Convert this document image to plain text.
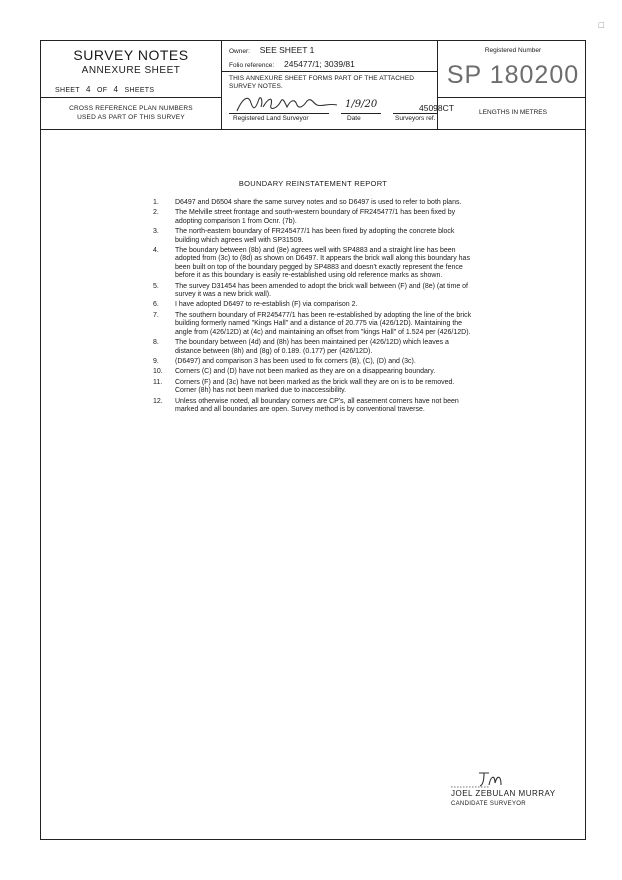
□
SURVEY NOTES
ANNEXURE SHEET
SHEET 4 OF 4 SHEETS
CROSS REFERENCE PLAN NUMBERS
USED AS PART OF THIS SURVEY
Owner: SEE SHEET 1
Folio reference: 245477/1; 3039/81
THIS ANNEXURE SHEET FORMS PART OF THE ATTACHED
SURVEY NOTES.
Registered Land Surveyor
1/9/20
Date
45098CT
Surveyors ref.
Registered Number
SP 180200
LENGTHS IN METRES
BOUNDARY REINSTATEMENT REPORT
1.	D6497 and D6504 share the same survey notes and so D6497 is used to refer to both plans.
2.	The Melville street frontage and south-western boundary of FR245477/1 has been fixed by adopting comparison 1 from Ocnr. (7b).
3.	The north-eastern boundary of FR245477/1 has been fixed by adopting the concrete block building which agrees well with SP31509.
4.	The boundary between (8b) and (8e) agrees well with SP4883 and a straight line has been adopted from (3c) to (8d) as shown on D6497. It appears the brick wall along this boundary has been built on top of the boundary pegged by SP4883 and doesn't exactly represent the fence before it as this boundary is easily re-established using old reference marks as shown.
5.	The survey D31454 has been amended to adopt the brick wall between (F) and (8e) (at time of survey it was a new brick wall).
6.	I have adopted D6497 to re-establish (F) via comparison 2.
7.	The southern boundary of FR245477/1 has been re-established by adopting the line of the brick building formerly named "Kings Hall" and a distance of 20.775 via (426/12D). Maintaining the angle from (426/12D) at (4c) and maintaining an offset from "kings Hall" of 1.524 per (426/12D).
8.	The boundary between (4d) and (8h) has been maintained per (426/12D) which leaves a distance between (8h) and (8g) of 0.189. (0.177) per (426/12D).
9.	(D6497) and comparison 3 has been used to fix corners (B), (C), (D) and (3c).
10.	Corners (C) and (D) have not been marked as they are on a disappearing boundary.
11.	Corners (F) and (3c) have not been marked as the brick wall they are on is to be removed. Corner (8h) has not been marked due to inaccessibility.
12.	Unless otherwise noted, all boundary corners are CP's, all easement corners have not been marked and all boundaries are open. Survey method is by conventional traverse.
JOEL ZEBULAN MURRAY
CANDIDATE SURVEYOR
